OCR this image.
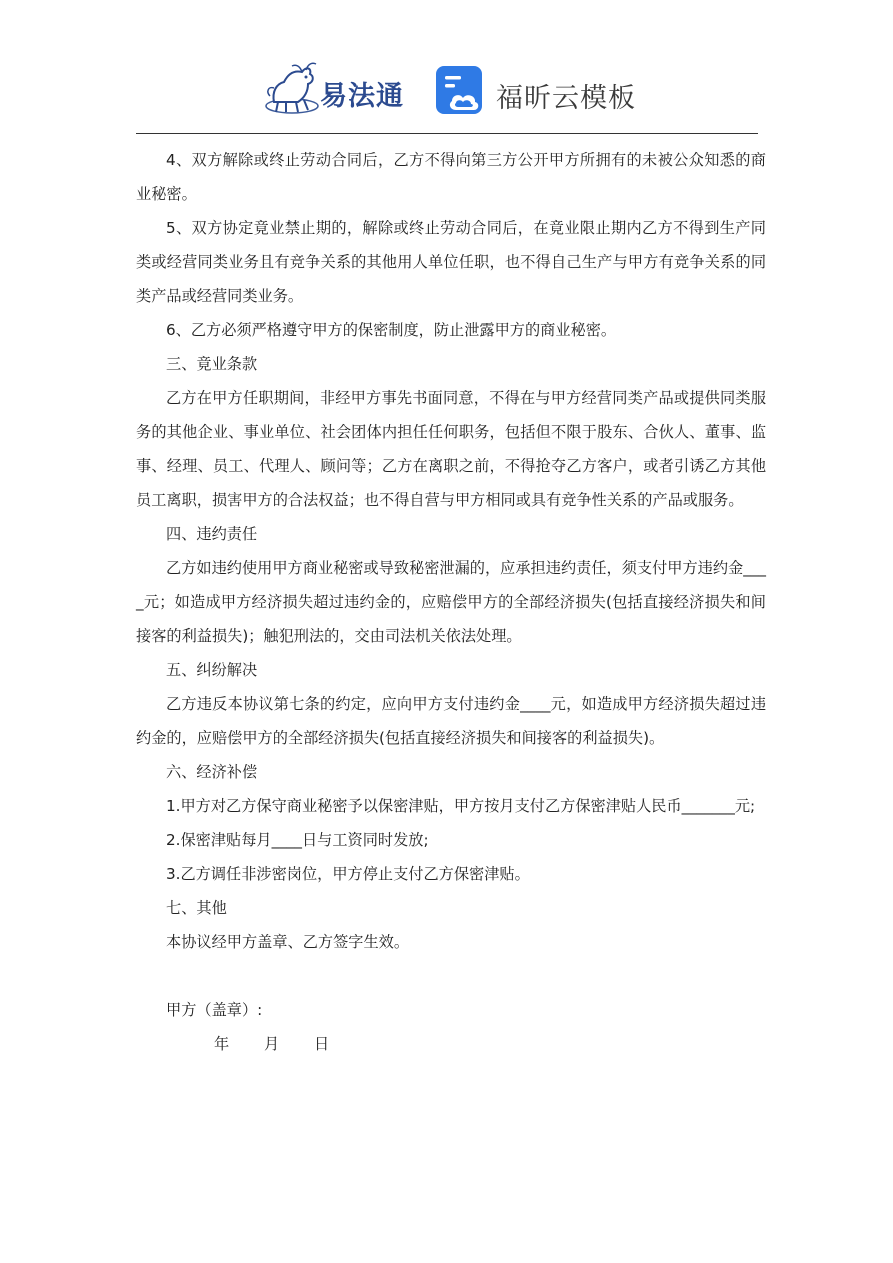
易法通	福昕云模板

4、双方解除或终止劳动合同后，乙方不得向第三方公开甲方所拥有的未被公众知悉的商业秘密。

5、双方协定竟业禁止期的，解除或终止劳动合同后，在竟业限止期内乙方不得到生产同类或经营同类业务且有竞争关系的其他用人单位任职，也不得自己生产与甲方有竞争关系的同类产品或经营同类业务。

6、乙方必须严格遵守甲方的保密制度，防止泄露甲方的商业秘密。

三、竟业条款

乙方在甲方任职期间，非经甲方事先书面同意，不得在与甲方经营同类产品或提供同类服务的其他企业、事业单位、社会团体内担任任何职务，包括但不限于股东、合伙人、董事、监事、经理、员工、代理人、顾问等；乙方在离职之前，不得抢夺乙方客户，或者引诱乙方其他员工离职，损害甲方的合法权益；也不得自营与甲方相同或具有竞争性关系的产品或服务。

四、违约责任

乙方如违约使用甲方商业秘密或导致秘密泄漏的，应承担违约责任，须支付甲方违约金____元；如造成甲方经济损失超过违约金的，应赔偿甲方的全部经济损失(包括直接经济损失和间接客的利益损失)；触犯刑法的，交由司法机关依法处理。

五、纠纷解决

乙方违反本协议第七条的约定，应向甲方支付违约金____元，如造成甲方经济损失超过违约金的，应赔偿甲方的全部经济损失(包括直接经济损失和间接客的利益损失)。

六、经济补偿

1.甲方对乙方保守商业秘密予以保密津贴，甲方按月支付乙方保密津贴人民币_______元;

2.保密津贴每月____日与工资同时发放;

3.乙方调任非涉密岗位，甲方停止支付乙方保密津贴。

七、其他

本协议经甲方盖章、乙方签字生效。

甲方（盖章）:
年 月 日
